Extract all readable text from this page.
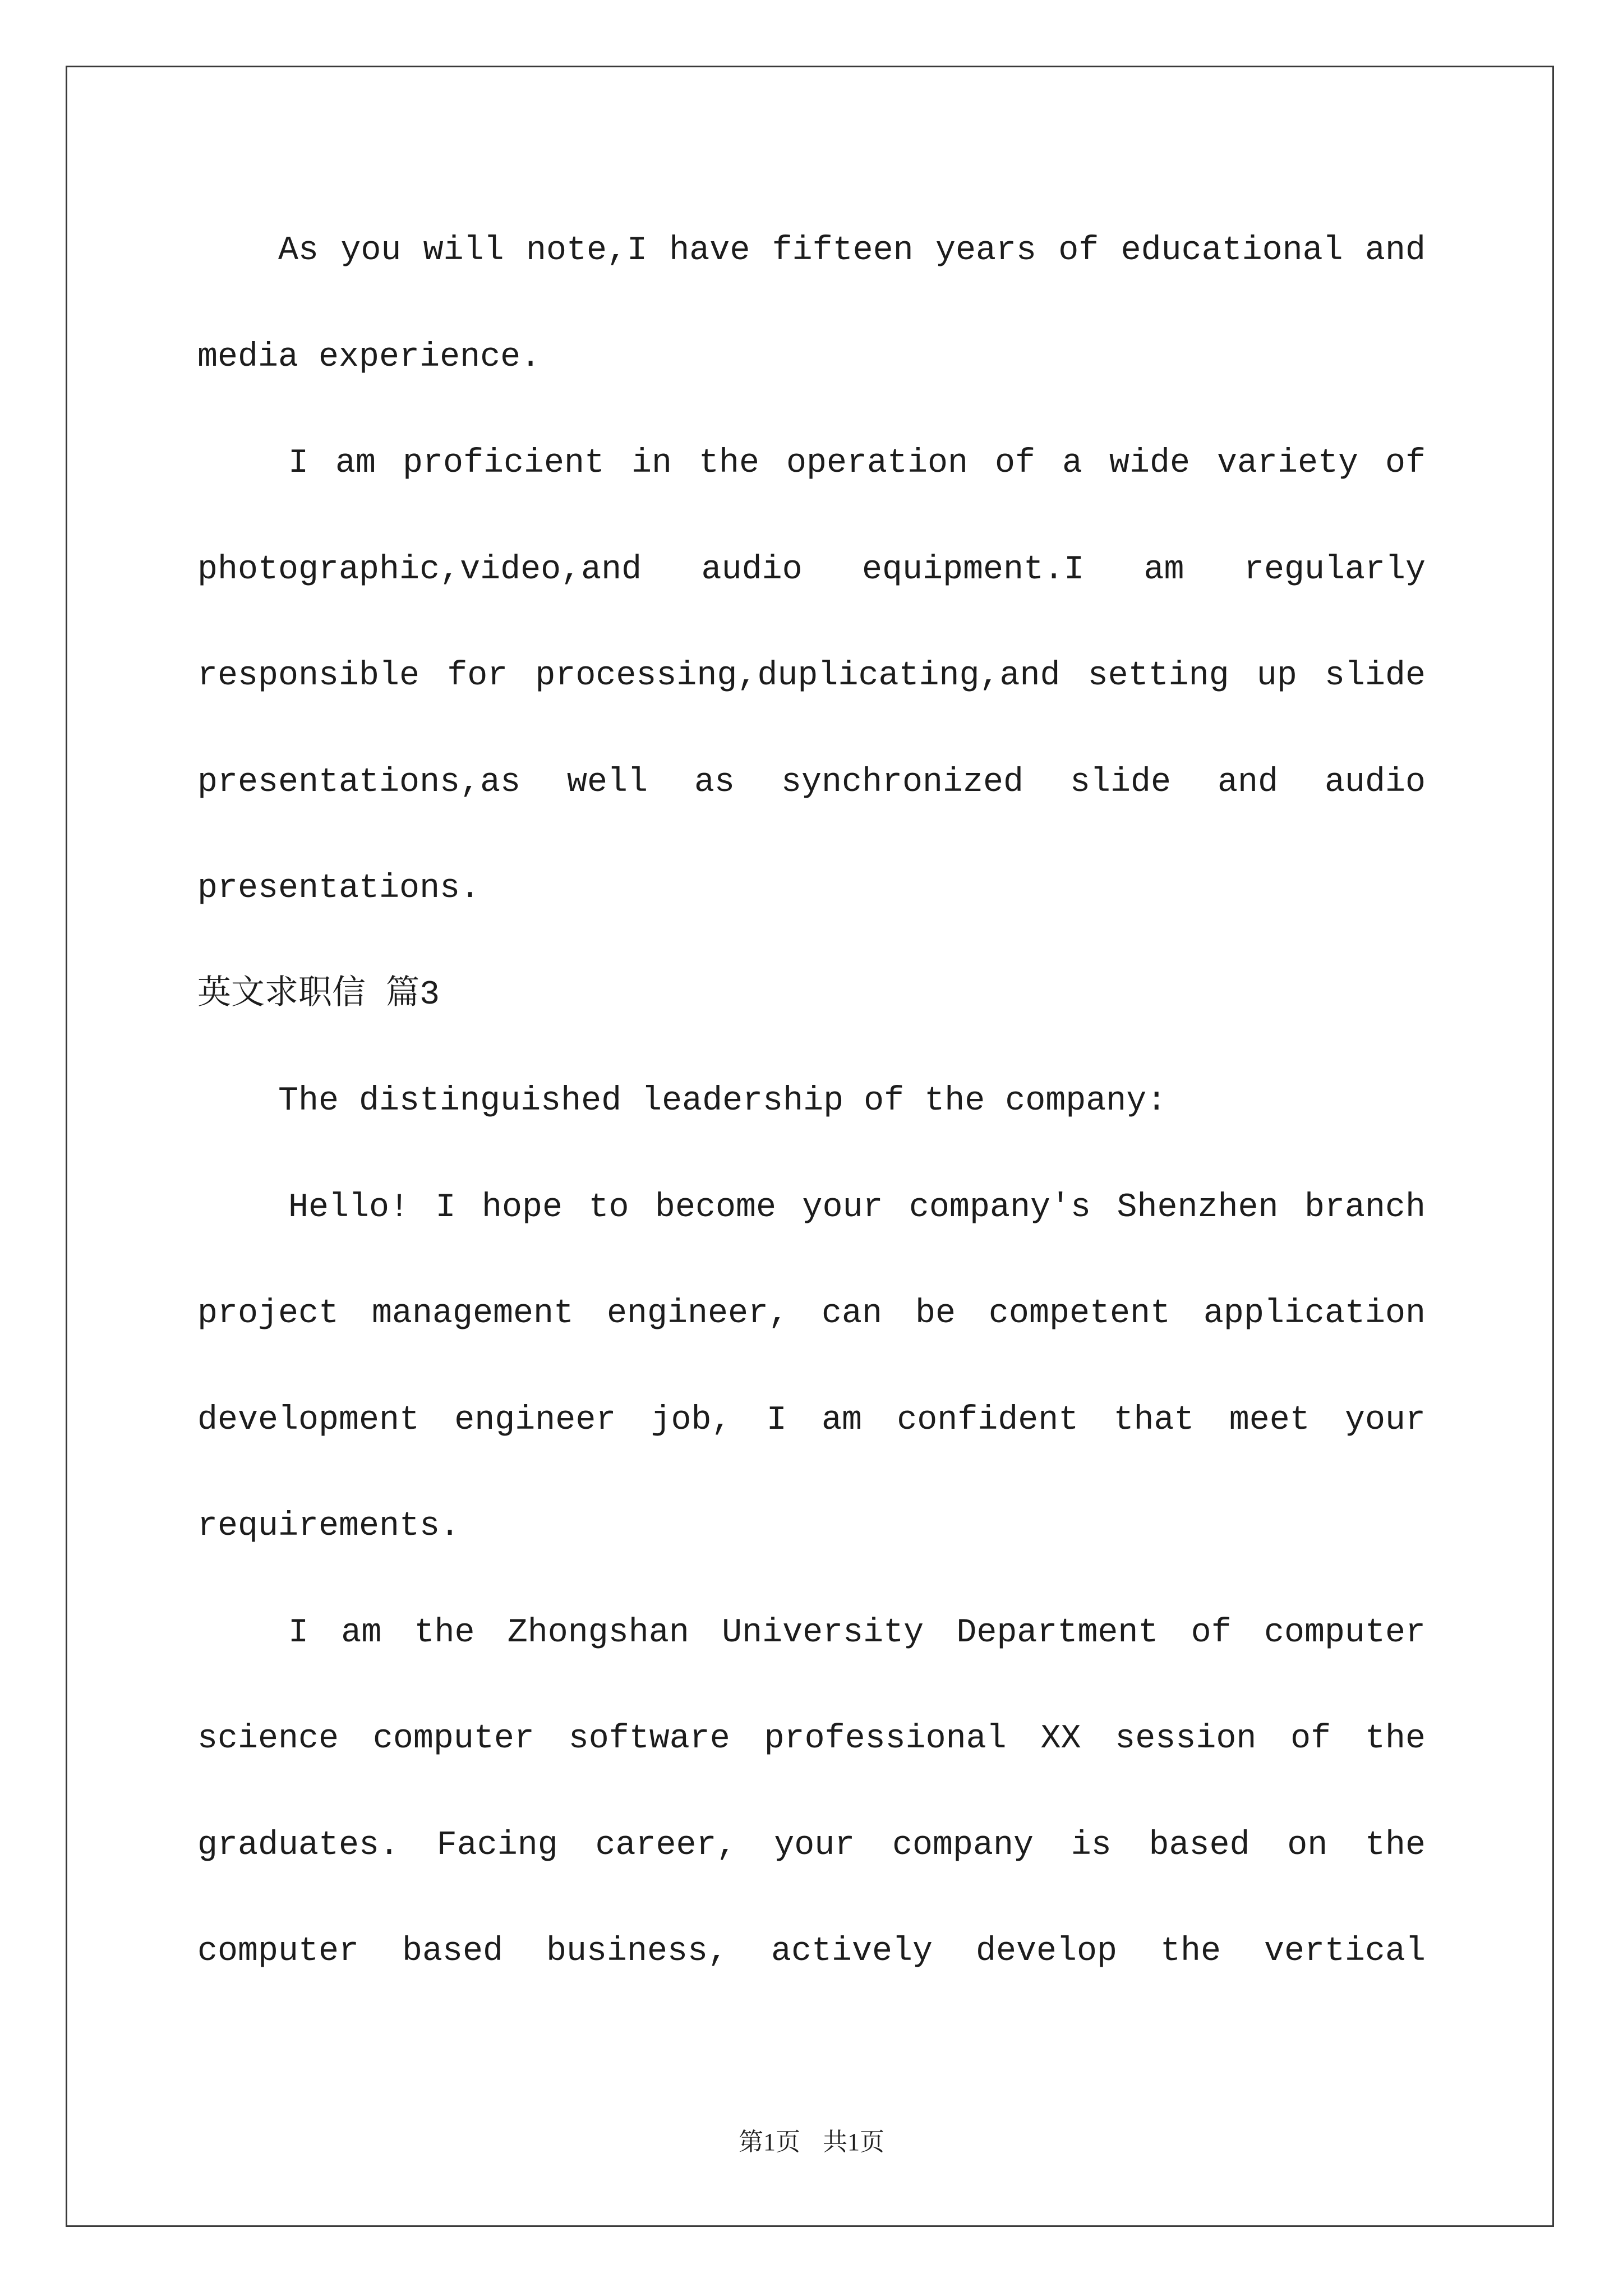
As you will note,I have fifteen years of educational and media experience.

I am proficient in the operation of a wide variety of photographic,video,and audio equipment.I am regularly responsible for processing,duplicating,and setting up slide presentations,as well as synchronized slide and audio presentations.

英文求职信 篇3

The distinguished leadership of the company:

Hello! I hope to become your company's Shenzhen branch project management engineer, can be competent application development engineer job, I am confident that meet your requirements.

I am the Zhongshan University Department of computer science computer software professional XX session of the graduates. Facing career, your company is based on the computer based business, actively develop the vertical

第1页 共1页
